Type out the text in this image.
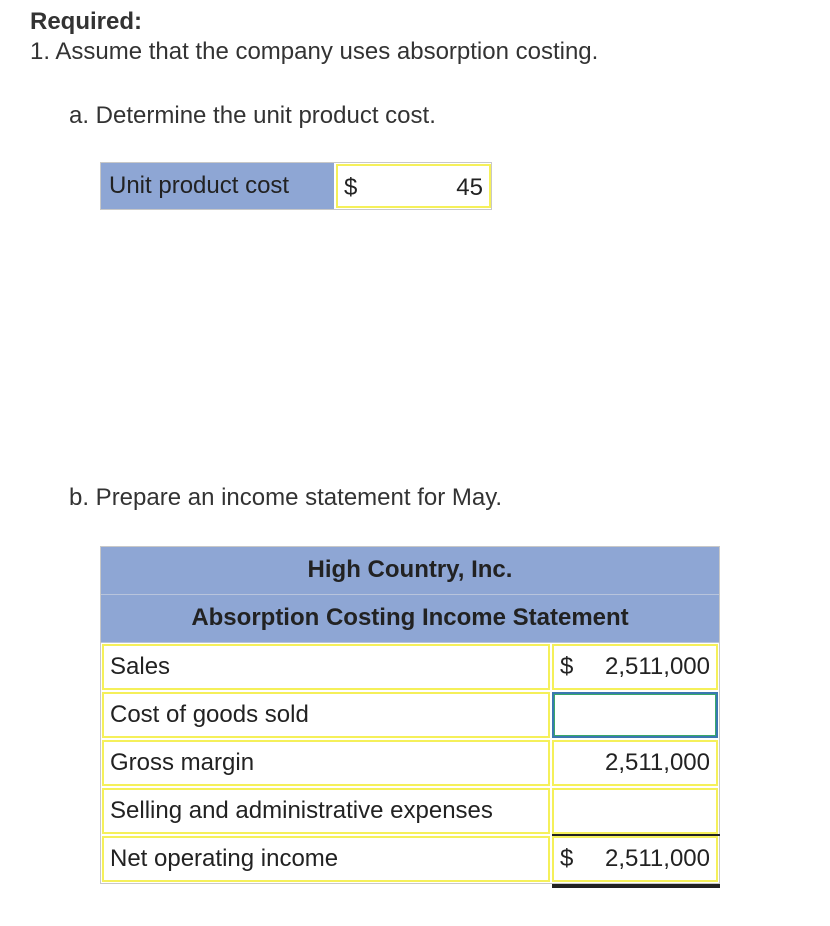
Required:
1. Assume that the company uses absorption costing.
a. Determine the unit product cost.
Unit product cost	$	45
b. Prepare an income statement for May.
High Country, Inc.
Absorption Costing Income Statement
Sales	$ 2,511,000
Cost of goods sold
Gross margin	2,511,000
Selling and administrative expenses
Net operating income	$ 2,511,000
